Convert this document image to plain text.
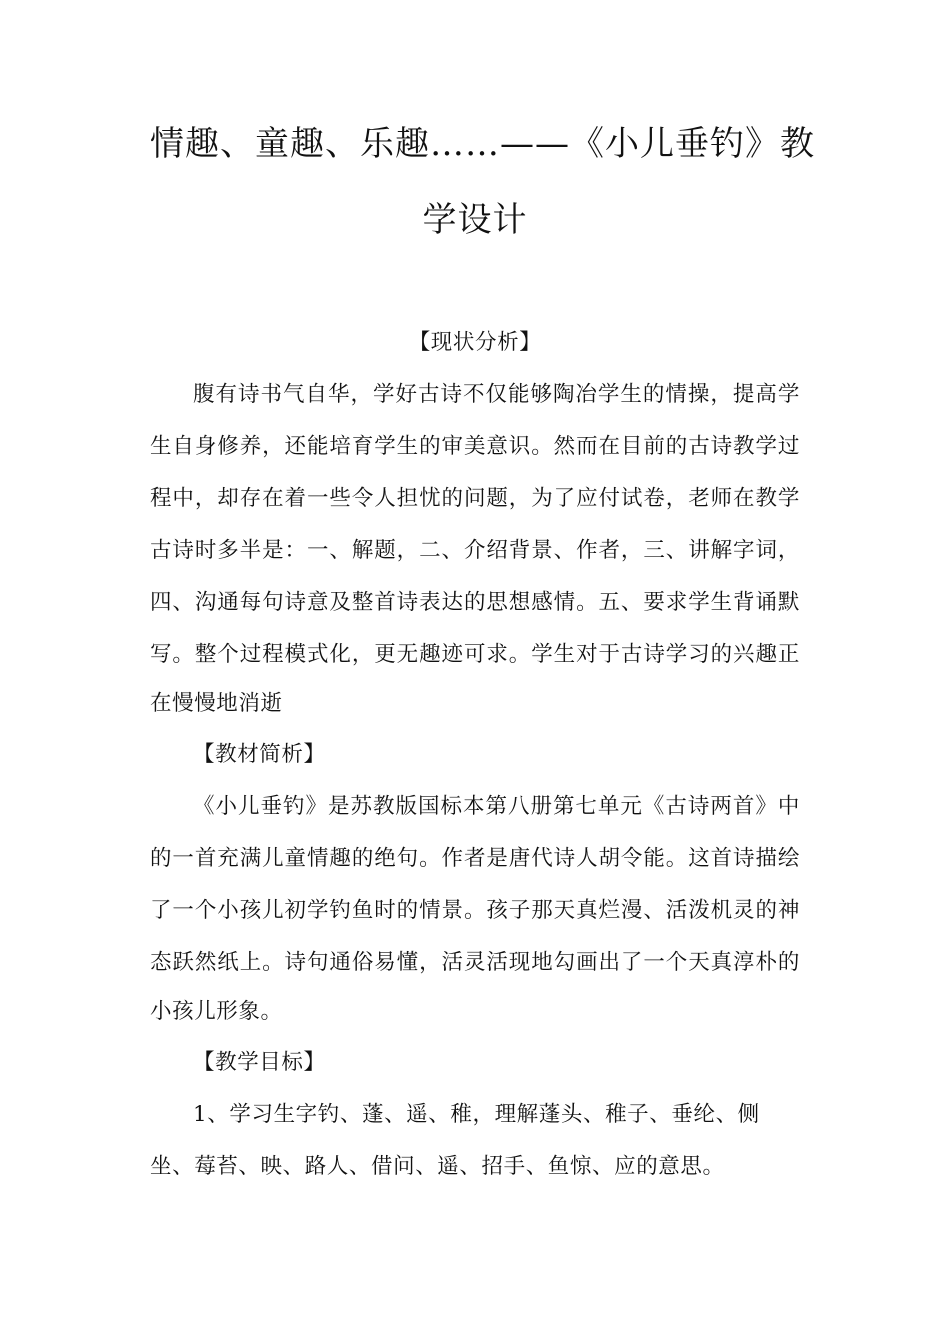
情趣、童趣、乐趣……——《小儿垂钓》教
学设计
【现状分析】
腹有诗书气自华，学好古诗不仅能够陶冶学生的情操，提高学
生自身修养，还能培育学生的审美意识。然而在目前的古诗教学过
程中，却存在着一些令人担忧的问题，为了应付试卷，老师在教学
古诗时多半是：一、解题，二、介绍背景、作者，三、讲解字词，
四、沟通每句诗意及整首诗表达的思想感情。五、要求学生背诵默
写。整个过程模式化，更无趣迹可求。学生对于古诗学习的兴趣正
在慢慢地消逝
【教材简析】
《小儿垂钓》是苏教版国标本第八册第七单元《古诗两首》中
的一首充满儿童情趣的绝句。作者是唐代诗人胡令能。这首诗描绘
了一个小孩儿初学钓鱼时的情景。孩子那天真烂漫、活泼机灵的神
态跃然纸上。诗句通俗易懂，活灵活现地勾画出了一个天真淳朴的
小孩儿形象。
【教学目标】
1、学习生字钓、蓬、遥、稚，理解蓬头、稚子、垂纶、侧
坐、莓苔、映、路人、借问、遥、招手、鱼惊、应的意思。
